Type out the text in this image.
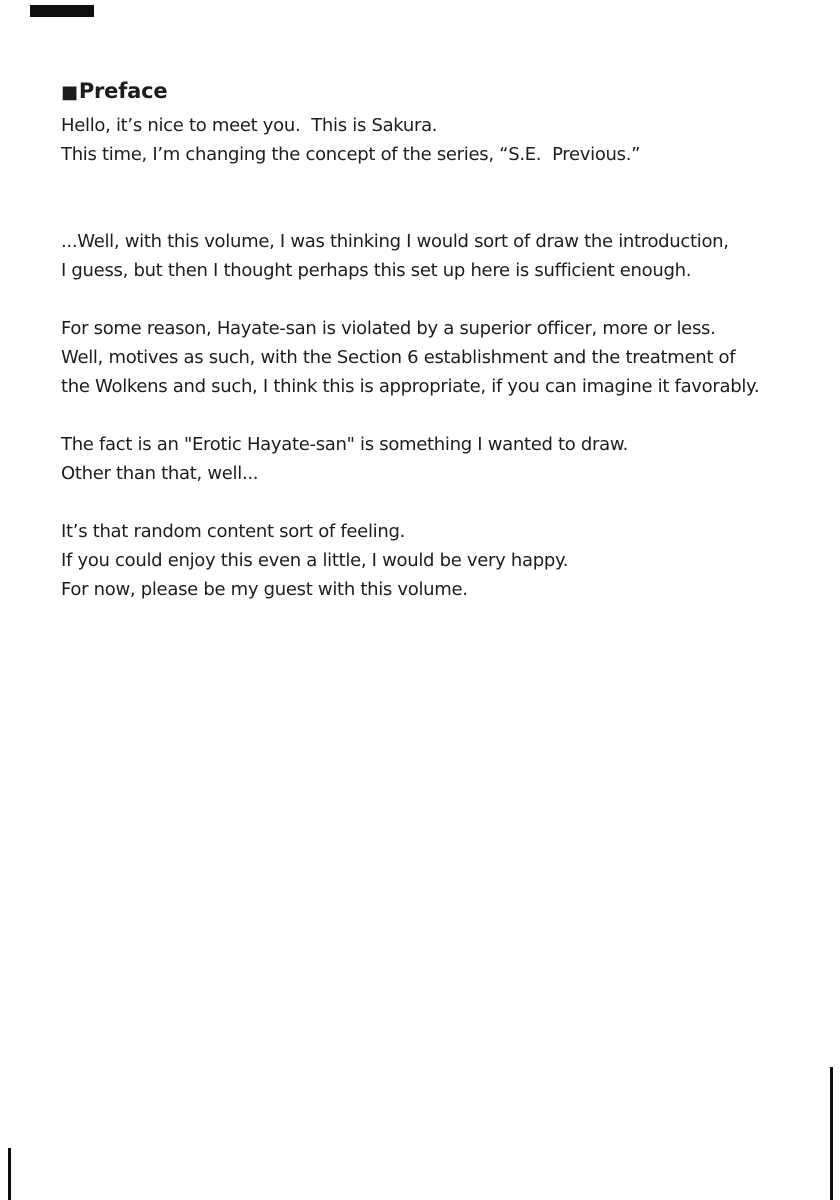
■Preface
Hello, it’s nice to meet you.  This is Sakura.
This time, I’m changing the concept of the series, “S.E.  Previous.”
...Well, with this volume, I was thinking I would sort of draw the introduction,
I guess, but then I thought perhaps this set up here is sufficient enough.
For some reason, Hayate-san is violated by a superior officer, more or less.
Well, motives as such, with the Section 6 establishment and the treatment of
the Wolkens and such, I think this is appropriate, if you can imagine it favorably.
The fact is an "Erotic Hayate-san" is something I wanted to draw.
Other than that, well...
It’s that random content sort of feeling.
If you could enjoy this even a little, I would be very happy.
For now, please be my guest with this volume.
